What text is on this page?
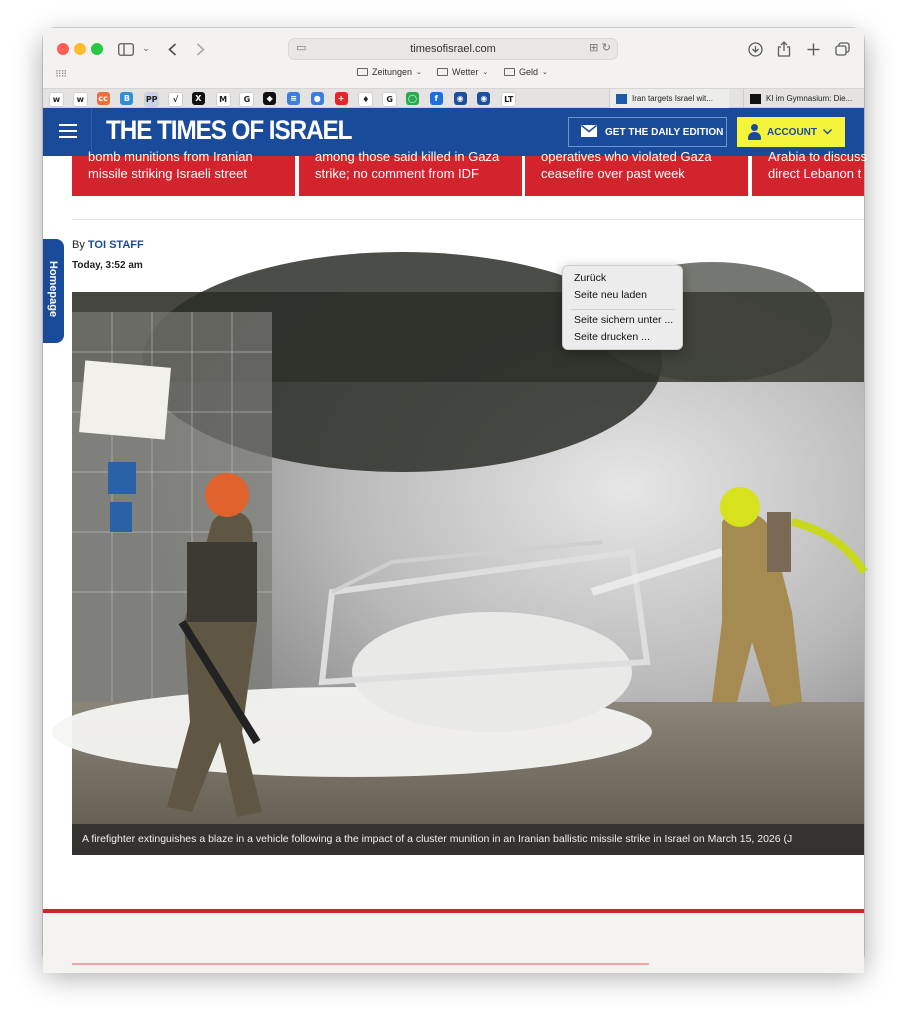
⌄	▭	timesofisrael.com	⊞ ↻
⠿⠿	Zeitungen ⌄	Wetter ⌄	Geld ⌄
w	w	cc	B	PP	√	X	M	G	◆	≡	●	+	♦	G	◯	f	◉	◉	LT	Iran targets Israel wit...	KI im Gymnasium: Die...
THE TIMES OF ISRAEL	GET THE DAILY EDITION	ACCOUNT
bomb munitions from Iranian
missile striking Israeli street
among those said killed in Gaza
strike; no comment from IDF
operatives who violated Gaza
ceasefire over past week
Arabia to discuss
direct Lebanon t
By TOI STAFF
Today, 3:52 am
A firefighter extinguishes a blaze in a vehicle following a the impact of a cluster munition in an Iranian ballistic missile strike in Israel on March 15, 2026 (J
Homepage	Zurück
Seite neu laden
Seite sichern unter ...
Seite drucken ...
